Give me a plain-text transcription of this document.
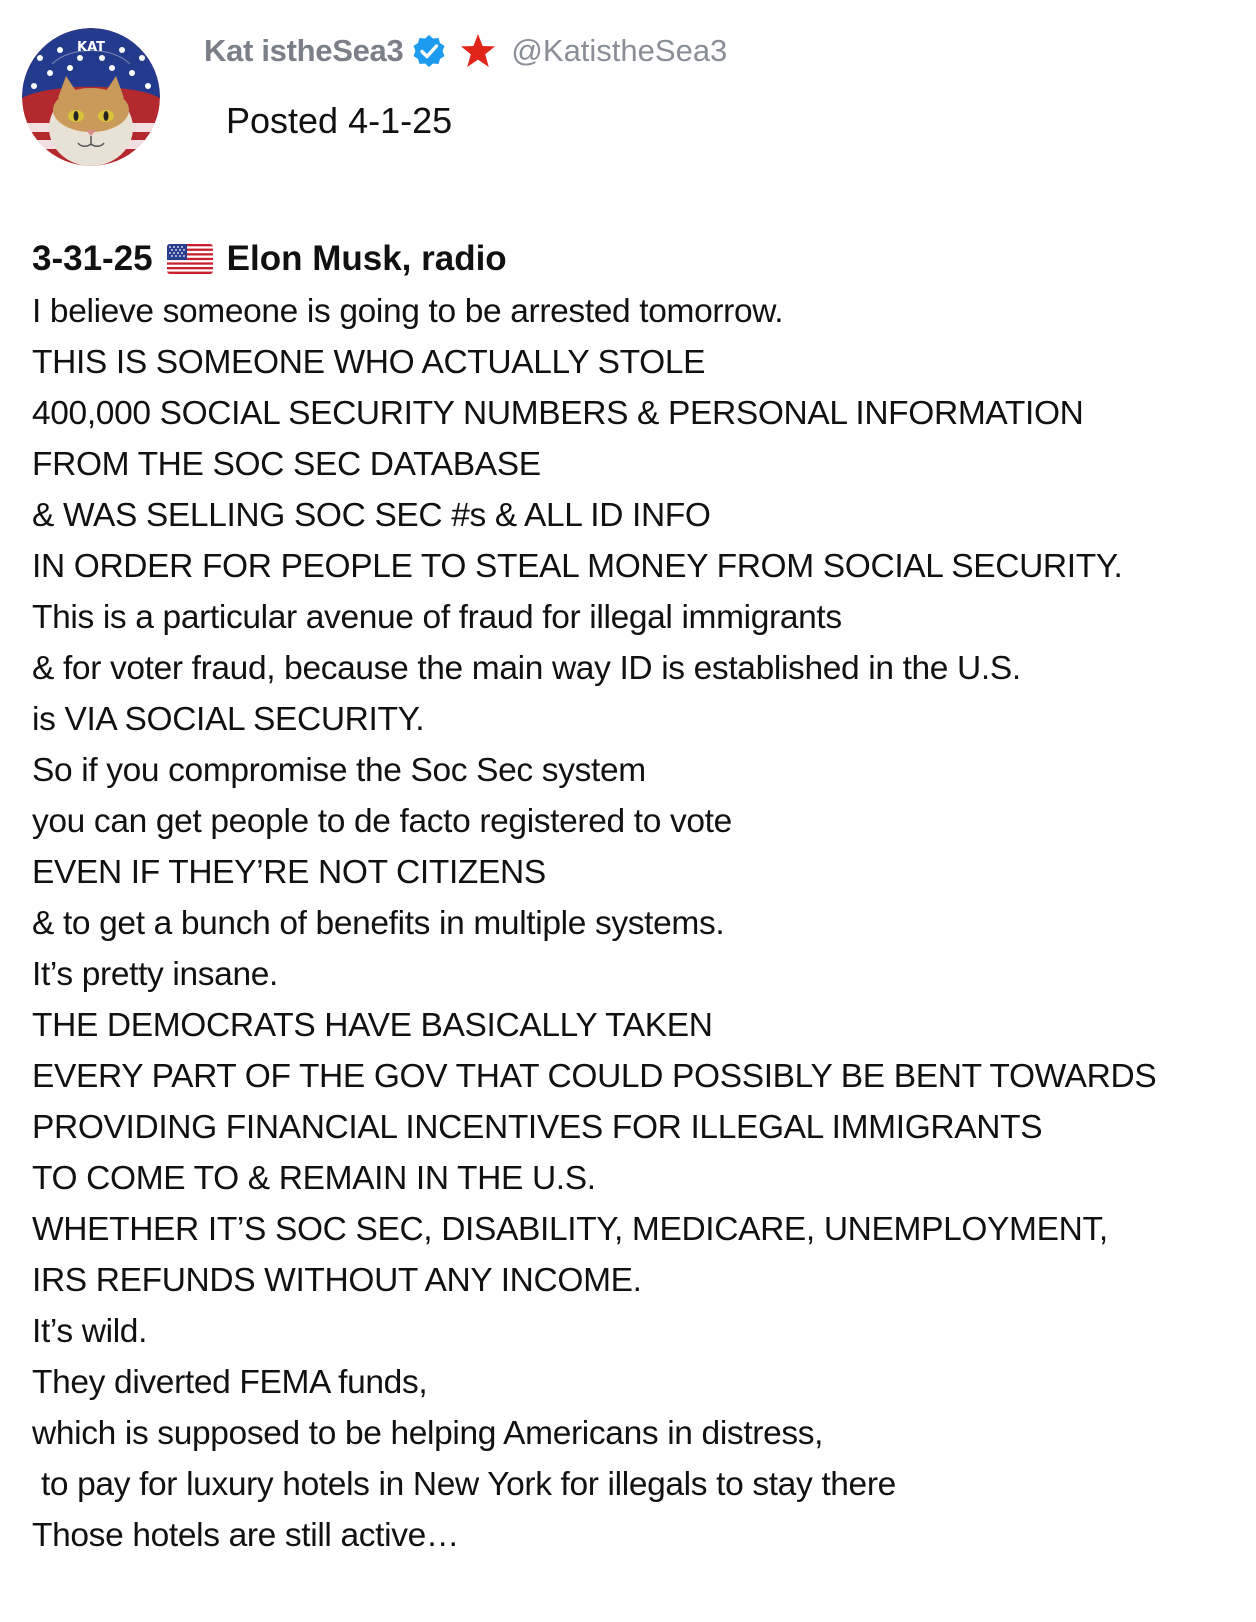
KAT	Kat istheSea3	@KatistheSea3
Posted 4-1-25
3-31-25 Elon Musk, radio
I believe someone is going to be arrested tomorrow.
THIS IS SOMEONE WHO ACTUALLY STOLE
400,000 SOCIAL SECURITY NUMBERS & PERSONAL INFORMATION
FROM THE SOC SEC DATABASE
& WAS SELLING SOC SEC #s & ALL ID INFO
IN ORDER FOR PEOPLE TO STEAL MONEY FROM SOCIAL SECURITY.
This is a particular avenue of fraud for illegal immigrants
& for voter fraud, because the main way ID is established in the U.S.
is VIA SOCIAL SECURITY.
So if you compromise the Soc Sec system
you can get people to de facto registered to vote
EVEN IF THEY’RE NOT CITIZENS
& to get a bunch of benefits in multiple systems.
It’s pretty insane.
THE DEMOCRATS HAVE BASICALLY TAKEN
EVERY PART OF THE GOV THAT COULD POSSIBLY BE BENT TOWARDS
PROVIDING FINANCIAL INCENTIVES FOR ILLEGAL IMMIGRANTS
TO COME TO & REMAIN IN THE U.S.
WHETHER IT’S SOC SEC, DISABILITY, MEDICARE, UNEMPLOYMENT,
IRS REFUNDS WITHOUT ANY INCOME.
It’s wild.
They diverted FEMA funds,
which is supposed to be helping Americans in distress,
to pay for luxury hotels in New York for illegals to stay there
Those hotels are still active…
